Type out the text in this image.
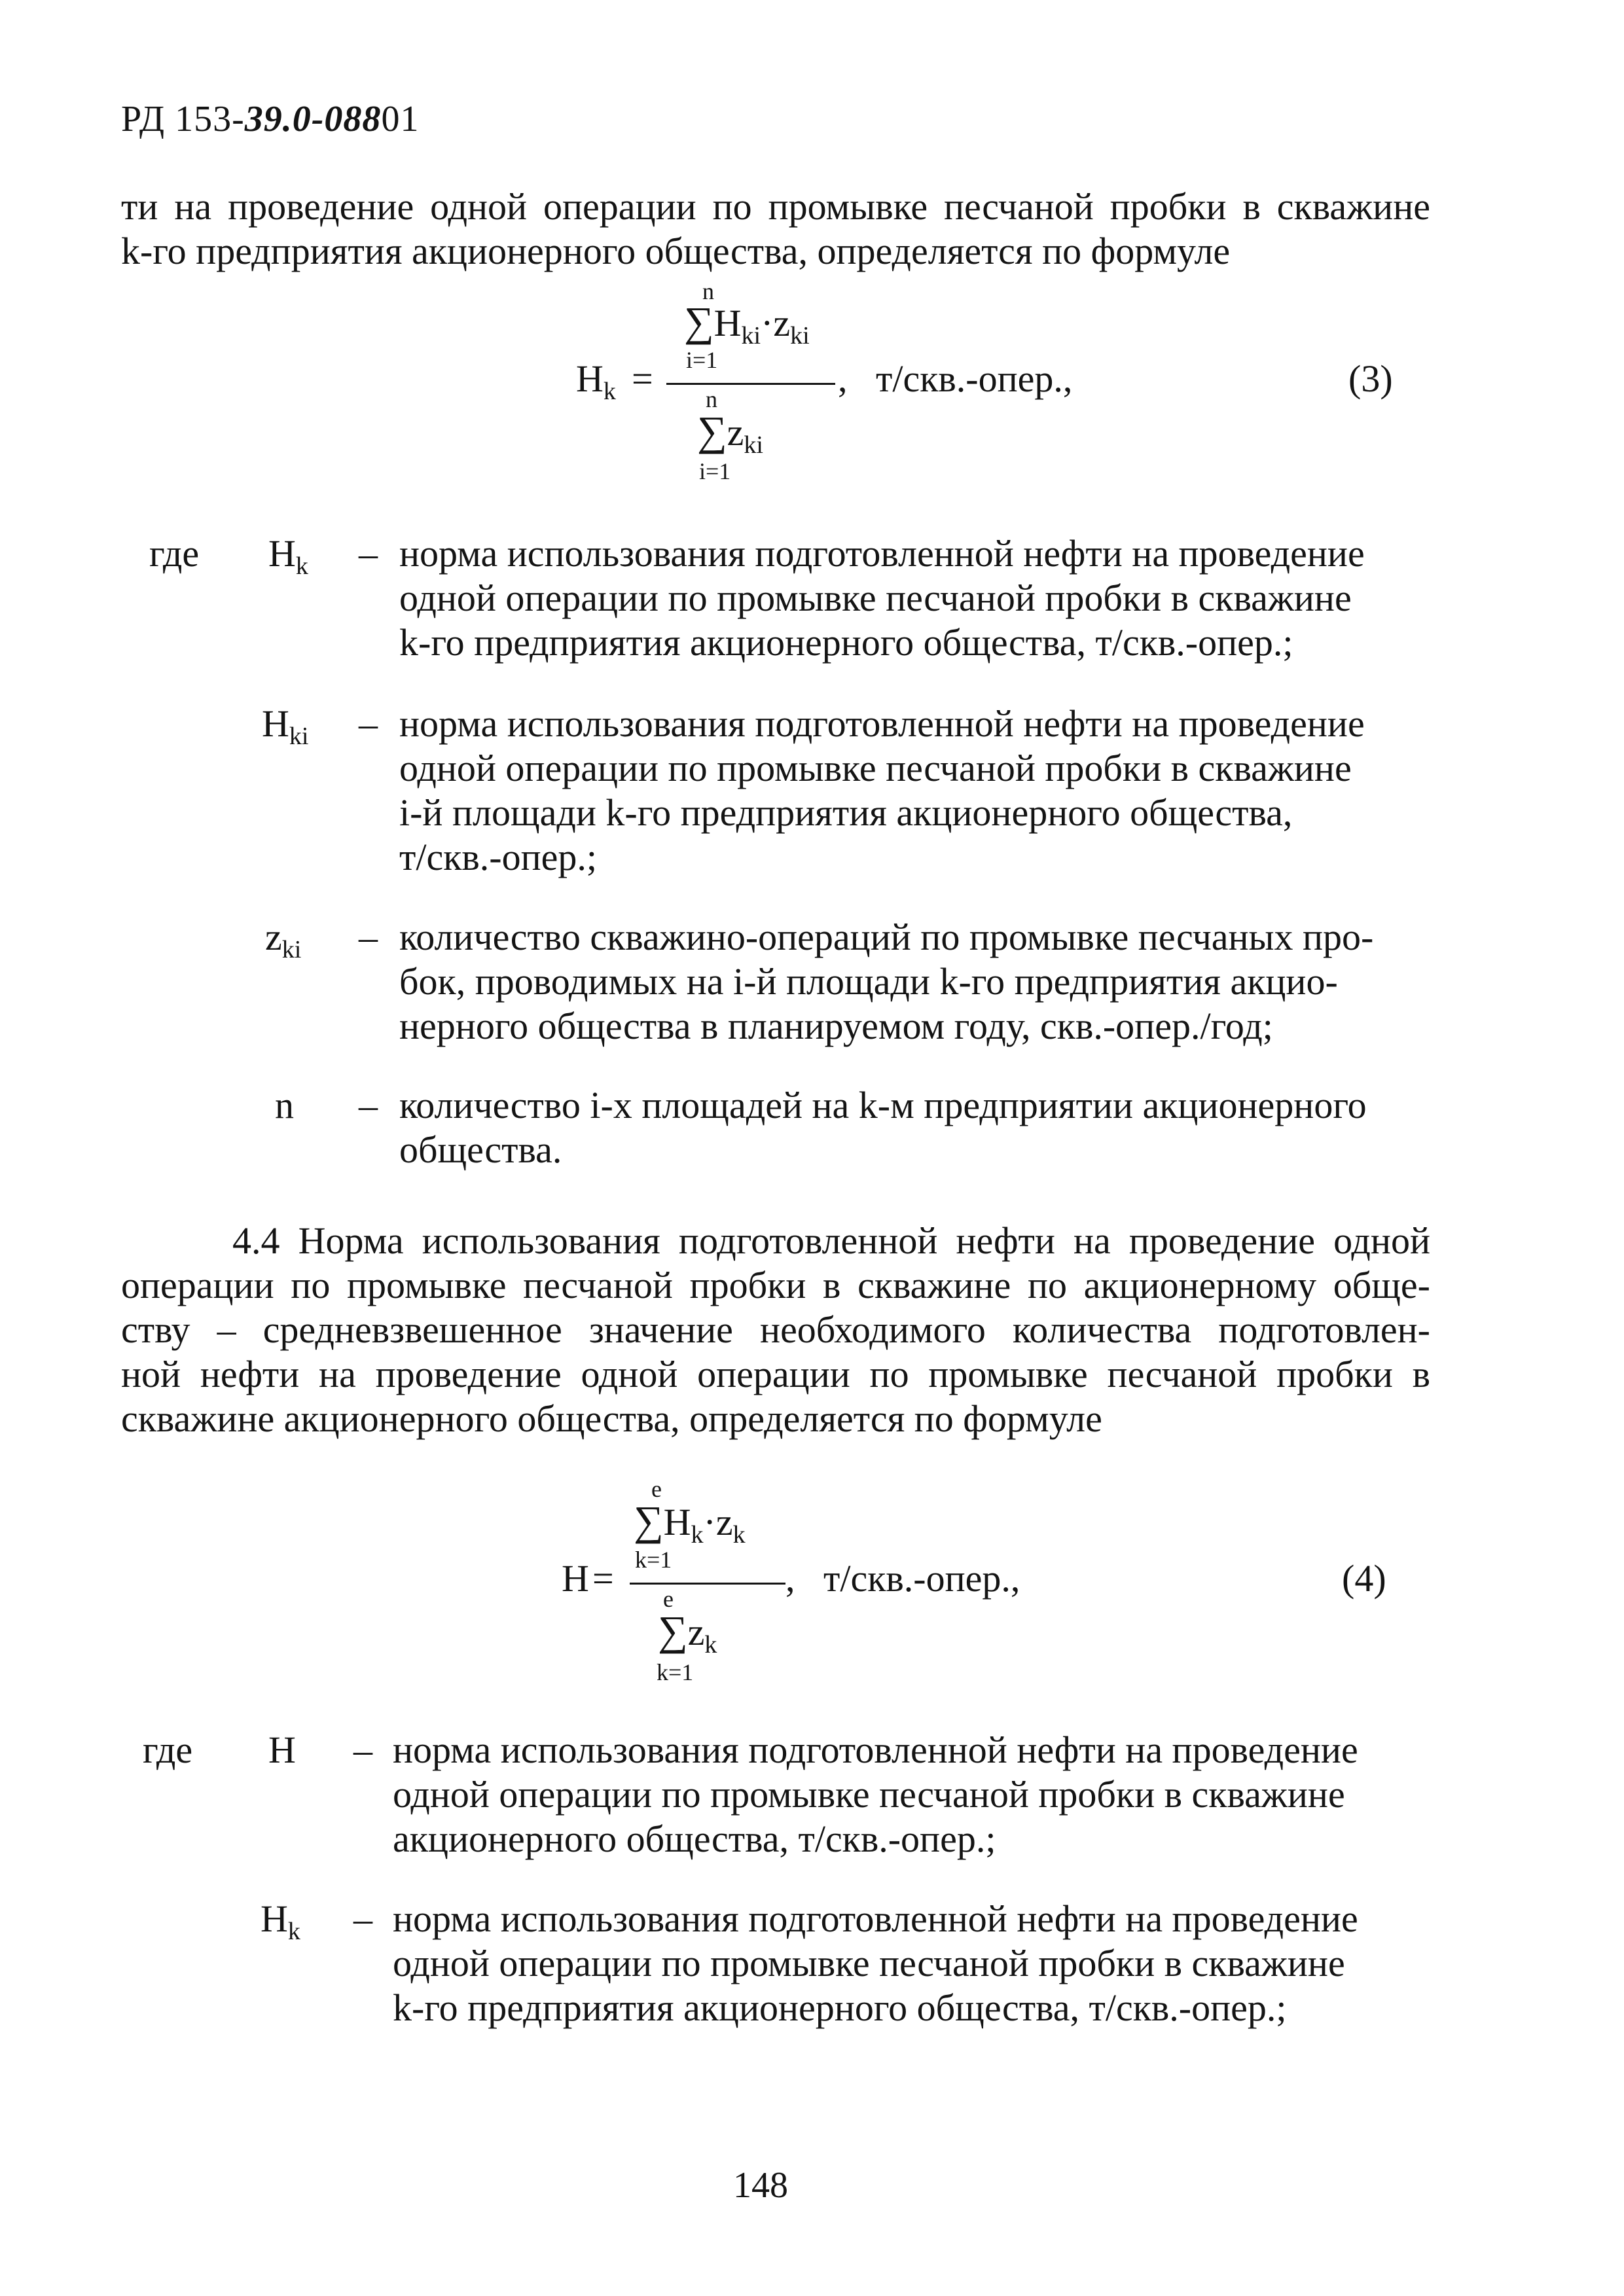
РД 153-39.0-08801
ти на проведение одной операции по промывке песчаной пробки в скважине
k-го предприятия акционерного общества, определяется по формуле
n
$\sum H_{ki}\cdot z_{ki}$
i=1
$H_k = n$
$\sum z_{ki}$
i=1
,   т/скв.-опер.,	(3)
где $H_k$ – норма использования подготовленной нефти на проведение
одной операции по промывке песчаной пробки в скважине
k-го предприятия акционерного общества, т/скв.-опер.;
$H_{ki}$ – норма использования подготовленной нефти на проведение
одной операции по промывке песчаной пробки в скважине
i-й площади k-го предприятия акционерного общества,
т/скв.-опер.;
$z_{ki}$ – количество скважино-операций по промывке песчаных про-
бок, проводимых на i-й площади k-го предприятия акцио-
нерного общества в планируемом году, скв.-опер./год;
n – количество i-х площадей на k-м предприятии акционерного
общества.
4.4 Норма использования подготовленной нефти на проведение одной
операции по промывке песчаной пробки в скважине по акционерному обще-
ству – средневзвешенное значение необходимого количества подготовлен-
ной нефти на проведение одной операции по промывке песчаной пробки в
скважине акционерного общества, определяется по формуле
e
$\sum H_k\cdot z_k$
k=1
H = e
$\sum z_k$
k=1
,   т/скв.-опер.,	(4)
где H – норма использования подготовленной нефти на проведение
одной операции по промывке песчаной пробки в скважине
акционерного общества, т/скв.-опер.;
$H_k$ – норма использования подготовленной нефти на проведение
одной операции по промывке песчаной пробки в скважине
k-го предприятия акционерного общества, т/скв.-опер.;
148
